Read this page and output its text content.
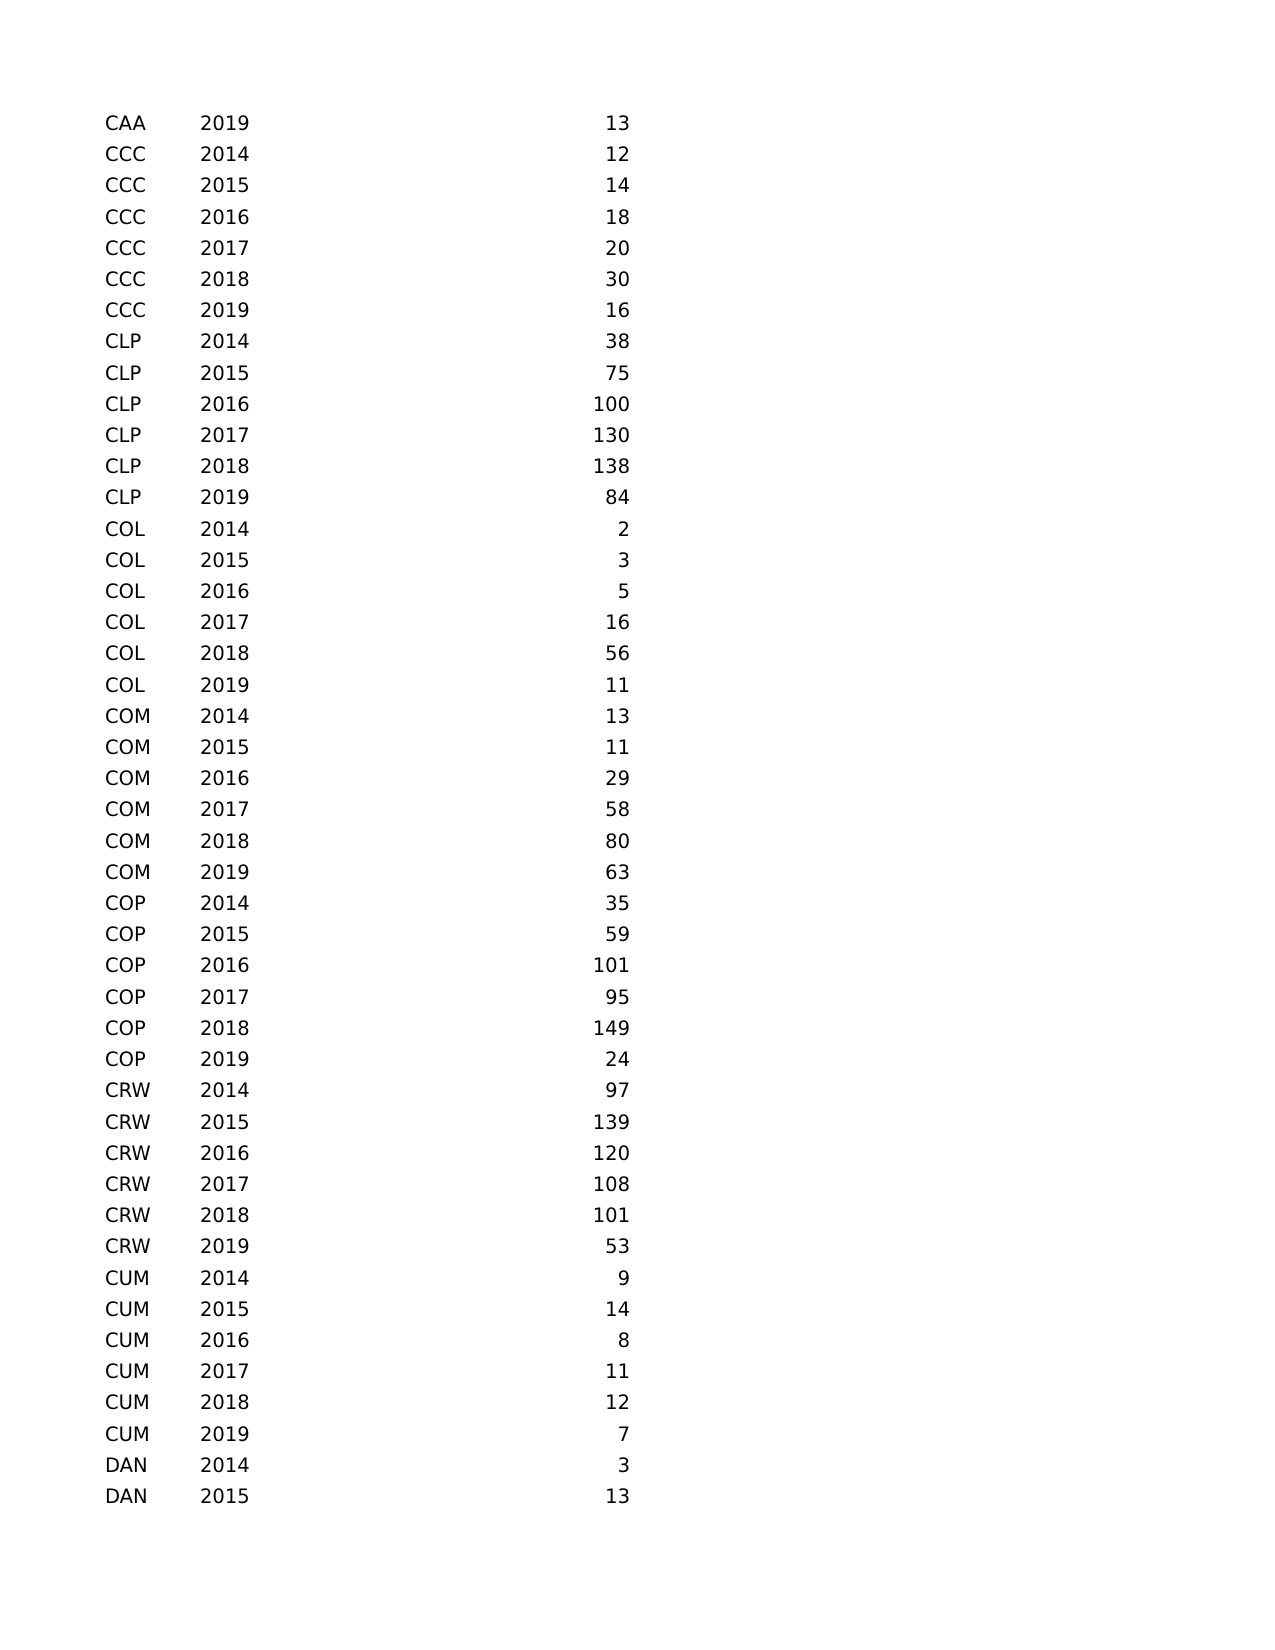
CAA	2019	13
CCC	2014	12
CCC	2015	14
CCC	2016	18
CCC	2017	20
CCC	2018	30
CCC	2019	16
CLP	2014	38
CLP	2015	75
CLP	2016	100
CLP	2017	130
CLP	2018	138
CLP	2019	84
COL	2014	2
COL	2015	3
COL	2016	5
COL	2017	16
COL	2018	56
COL	2019	11
COM	2014	13
COM	2015	11
COM	2016	29
COM	2017	58
COM	2018	80
COM	2019	63
COP	2014	35
COP	2015	59
COP	2016	101
COP	2017	95
COP	2018	149
COP	2019	24
CRW	2014	97
CRW	2015	139
CRW	2016	120
CRW	2017	108
CRW	2018	101
CRW	2019	53
CUM	2014	9
CUM	2015	14
CUM	2016	8
CUM	2017	11
CUM	2018	12
CUM	2019	7
DAN	2014	3
DAN	2015	13
